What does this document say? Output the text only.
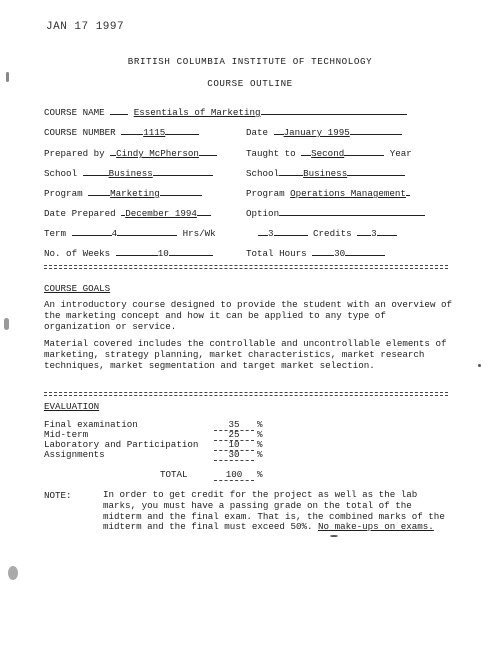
JAN 17 1997
BRITISH COLUMBIA INSTITUTE OF TECHNOLOGY
COURSE OUTLINE
COURSE NAME	Essentials of Marketing
COURSE NUMBER	1115	Date January 1995
Prepared by Cindy McPherson	Taught to Second	Year
School	Business	School	Business
Program	Marketing	Program Operations Management
Date Prepared December 1994	Option
Term	4	Hrs/Wk	3	Credits 3
No. of Weeks	10	Total Hours	30
COURSE GOALS
An introductory course designed to provide the student with an overview of the marketing concept and how it can be applied to any type of organization or service.
Material covered includes the controllable and uncontrollable elements of marketing, strategy planning, market characteristics, market research techniques, market segmentation and target market selection.
EVALUATION
Final examination	35 %
Mid-term	25 %
Laboratory and Participation	10 %
Assignments	30 %
TOTAL	100 %
NOTE:	In order to get credit for the project as well as the lab marks, you must have a passing grade on the total of the midterm and the final exam. That is, the combined marks of the midterm and the final must exceed 50%. No make-ups on exams.
